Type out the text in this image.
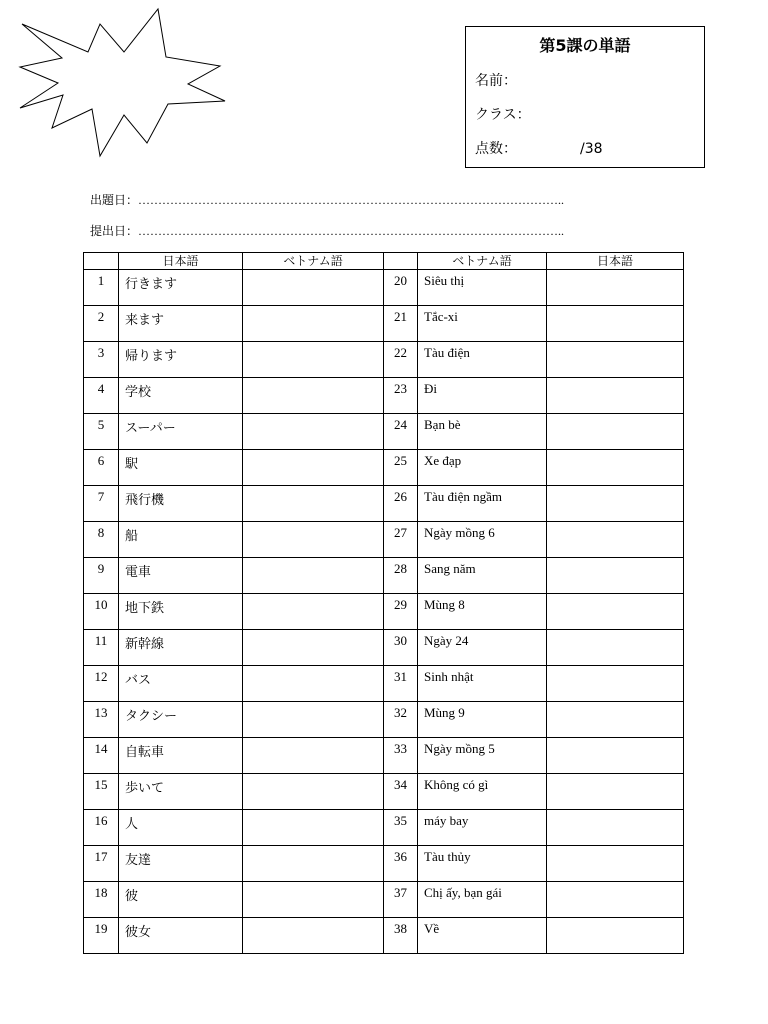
第5課の単語
名前：
クラス：
点数：　　　　　/38
出題日：……………………………………………………………………………………………..
提出日：……………………………………………………………………………………………..
	日本語	ベトナム語		ベトナム語	日本語
1	行きます		20	Siêu thị	
2	来ます		21	Tắc-xi	
3	帰ります		22	Tàu điện	
4	学校		23	Đi	
5	スーパー		24	Bạn bè	
6	駅		25	Xe đạp	
7	飛行機		26	Tàu điện ngầm	
8	船		27	Ngày mồng 6	
9	電車		28	Sang năm	
10	地下鉄		29	Mùng 8	
11	新幹線		30	Ngày 24	
12	バス		31	Sinh nhật	
13	タクシー		32	Mùng 9	
14	自転車		33	Ngày mồng 5	
15	歩いて		34	Không có gì	
16	人		35	máy bay	
17	友達		36	Tàu thủy	
18	彼		37	Chị ấy, bạn gái	
19	彼女		38	Về	
